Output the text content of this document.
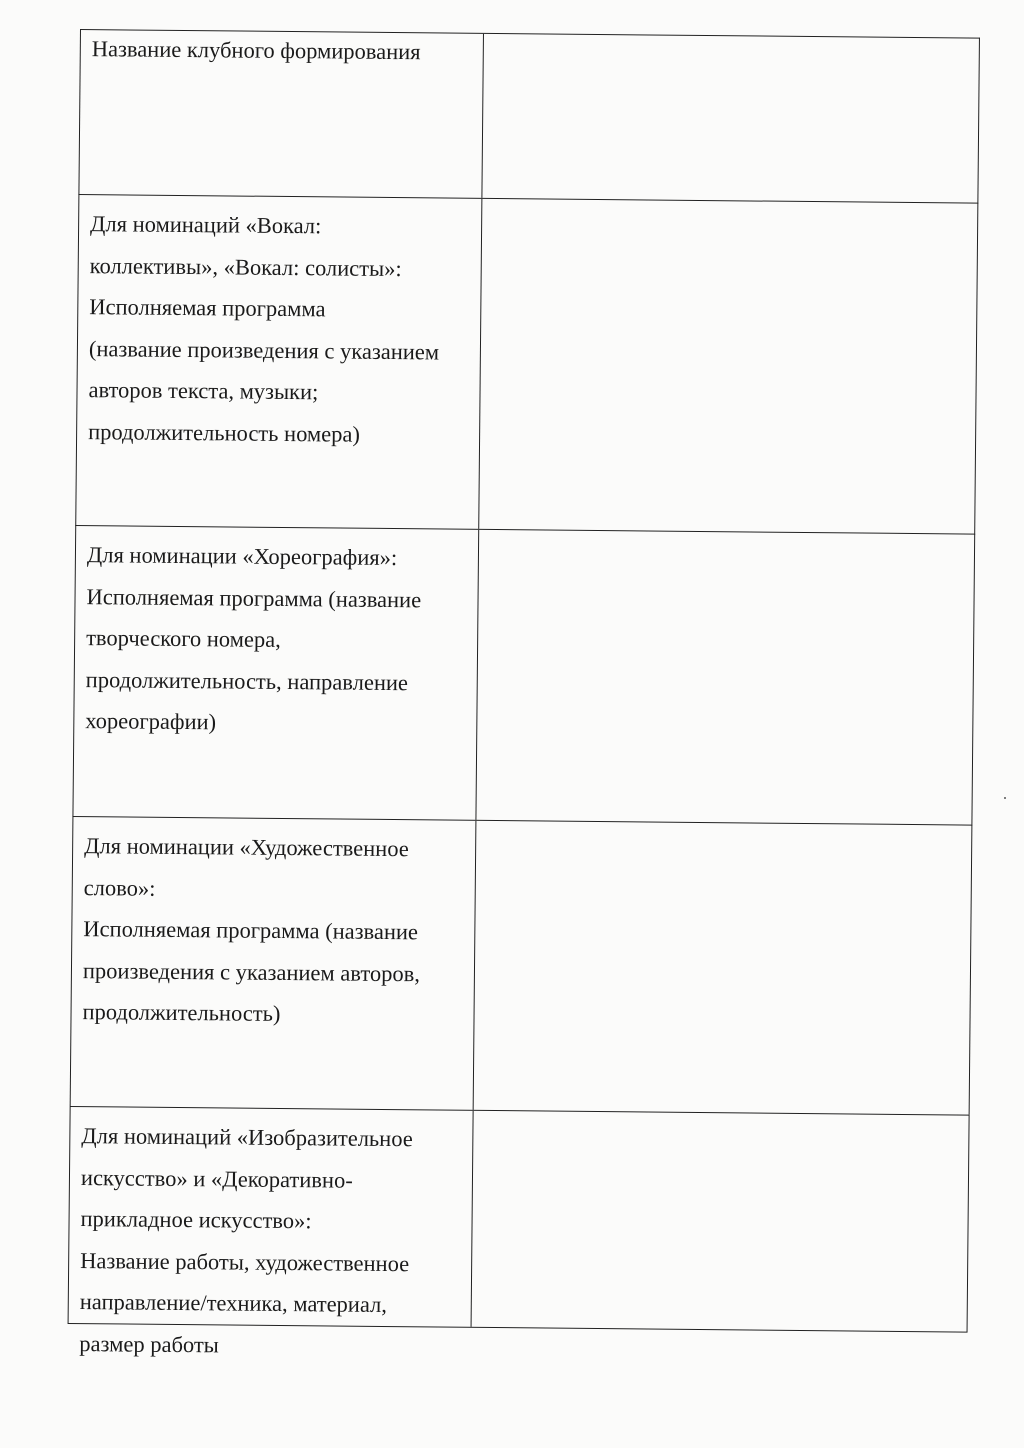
Название клубного формирования
Для номинаций «Вокал:
коллективы», «Вокал: солисты»:
Исполняемая программа
(название произведения с указанием
авторов текста, музыки;
продолжительность номера)
Для номинации «Хореография»:
Исполняемая программа (название
творческого номера,
продолжительность, направление
хореографии)
Для номинации «Художественное
слово»:
Исполняемая программа (название
произведения с указанием авторов,
продолжительность)
Для номинаций «Изобразительное
искусство» и «Декоративно-
прикладное искусство»:
Название работы, художественное
направление/техника, материал,
размер работы
